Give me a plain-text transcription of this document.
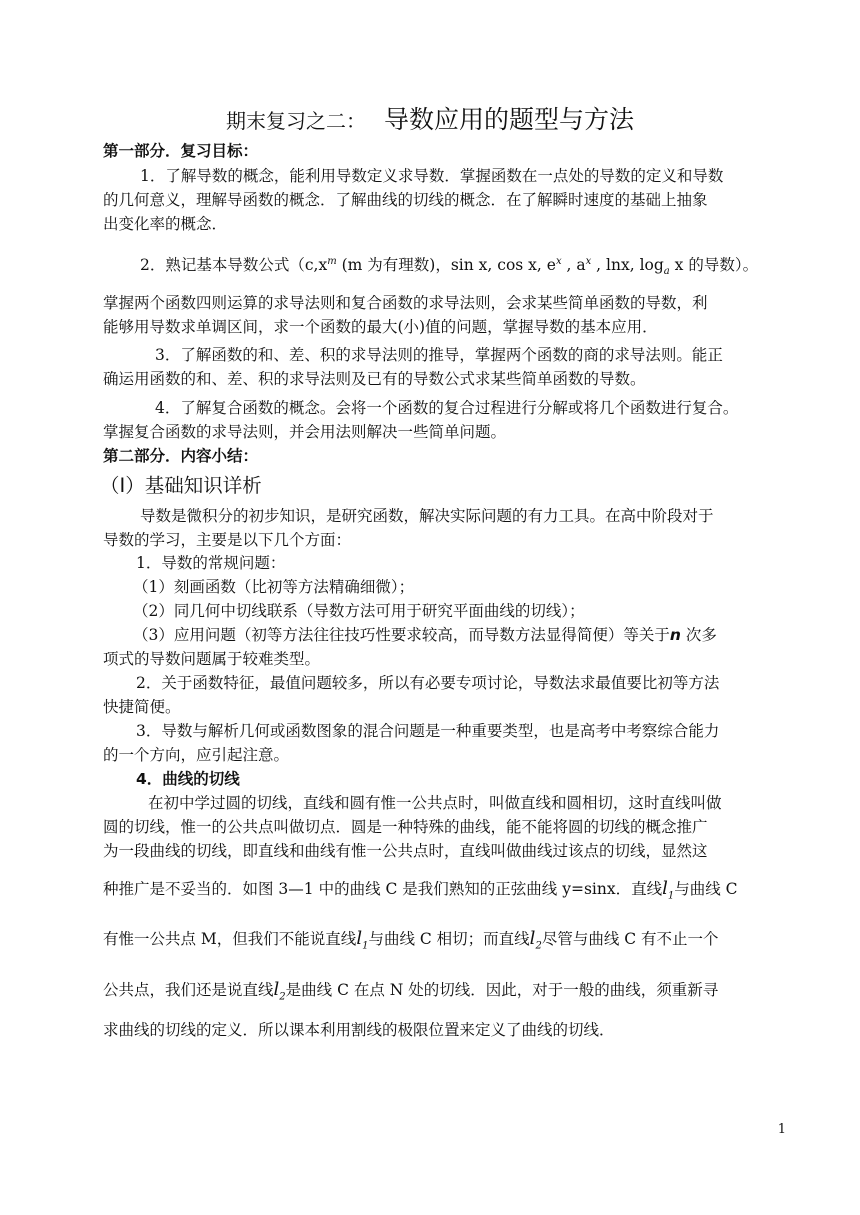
期末复习之二： 导数应用的题型与方法
第一部分．复习目标：
1．了解导数的概念，能利用导数定义求导数．掌握函数在一点处的导数的定义和导数
的几何意义，理解导函数的概念．了解曲线的切线的概念．在了解瞬时速度的基础上抽象
出变化率的概念．
2．熟记基本导数公式（$c,x^m$ (m 为有理数)，sin x, cos x, $e^x$ , $a^x$ , lnx, $\log_a x$ 的导数）。
掌握两个函数四则运算的求导法则和复合函数的求导法则，会求某些简单函数的导数，利
能够用导数求单调区间，求一个函数的最大(小)值的问题，掌握导数的基本应用．
3．了解函数的和、差、积的求导法则的推导，掌握两个函数的商的求导法则。能正
确运用函数的和、差、积的求导法则及已有的导数公式求某些简单函数的导数。
4．了解复合函数的概念。会将一个函数的复合过程进行分解或将几个函数进行复合。
掌握复合函数的求导法则，并会用法则解决一些简单问题。
第二部分．内容小结：
（Ⅰ）基础知识详析
导数是微积分的初步知识，是研究函数，解决实际问题的有力工具。在高中阶段对于
导数的学习，主要是以下几个方面：
1．导数的常规问题：
（1）刻画函数（比初等方法精确细微）；
（2）同几何中切线联系（导数方法可用于研究平面曲线的切线）；
（3）应用问题（初等方法往往技巧性要求较高，而导数方法显得简便）等关于n 次多
项式的导数问题属于较难类型。
2．关于函数特征，最值问题较多，所以有必要专项讨论，导数法求最值要比初等方法
快捷简便。
3．导数与解析几何或函数图象的混合问题是一种重要类型，也是高考中考察综合能力
的一个方向，应引起注意。
4．曲线的切线
在初中学过圆的切线，直线和圆有惟一公共点时，叫做直线和圆相切，这时直线叫做
圆的切线，惟一的公共点叫做切点．圆是一种特殊的曲线，能不能将圆的切线的概念推广
为一段曲线的切线，即直线和曲线有惟一公共点时，直线叫做曲线过该点的切线，显然这
种推广是不妥当的．如图 3—1 中的曲线 C 是我们熟知的正弦曲线 y=sinx．直线$l_1$与曲线 C
有惟一公共点 M，但我们不能说直线$l_1$与曲线 C 相切；而直线$l_2$尽管与曲线 C 有不止一个
公共点，我们还是说直线$l_2$是曲线 C 在点 N 处的切线．因此，对于一般的曲线，须重新寻
求曲线的切线的定义．所以课本利用割线的极限位置来定义了曲线的切线．
1
